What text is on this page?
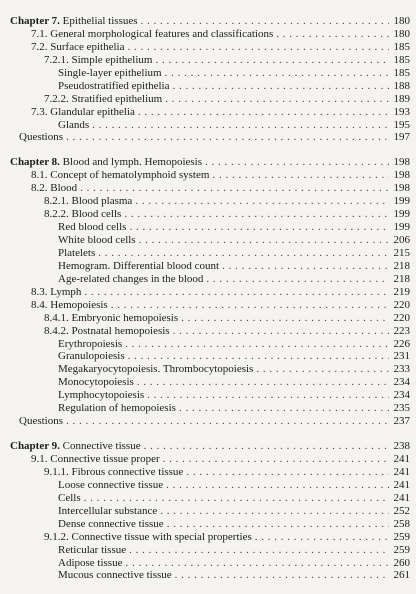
Chapter 7. Epithelial tissues . . .	180
7.1. General morphological features and classifications . . .	180
7.2. Surface epithelia . . .	185
7.2.1. Simple epithelium . . .	185
Single-layer epithelium . . .	185
Pseudostratified epithelia . . .	188
7.2.2. Stratified epithelium . . .	189
7.3. Glandular epithelia . . .	193
Glands . . .	195
Questions . . .	197
Chapter 8. Blood and lymph. Hemopoiesis . . .	198
8.1. Concept of hematolymphoid system . . .	198
8.2. Blood . . .	198
8.2.1. Blood plasma . . .	199
8.2.2. Blood cells . . .	199
Red blood cells . . .	199
White blood cells . . .	206
Platelets . . .	215
Hemogram. Differential blood count . . .	218
Age-related changes in the blood . . .	218
8.3. Lymph . . .	219
8.4. Hemopoiesis . . .	220
8.4.1. Embryonic hemopoiesis . . .	220
8.4.2. Postnatal hemopoiesis . . .	223
Erythropoiesis . . .	226
Granulopoiesis . . .	231
Megakaryocytopoiesis. Thrombocytopoiesis . . .	233
Monocytopoiesis . . .	234
Lymphocytopoiesis . . .	234
Regulation of hemopoiesis . . .	235
Questions . . .	237
Chapter 9. Connective tissue . . .	238
9.1. Connective tissue proper . . .	241
9.1.1. Fibrous connective tissue . . .	241
Loose connective tissue . . .	241
Cells . . .	241
Intercellular substance . . .	252
Dense connective tissue . . .	258
9.1.2. Connective tissue with special properties . . .	259
Reticular tissue . . .	259
Adipose tissue . . .	260
Mucous connective tissue . . .	261
